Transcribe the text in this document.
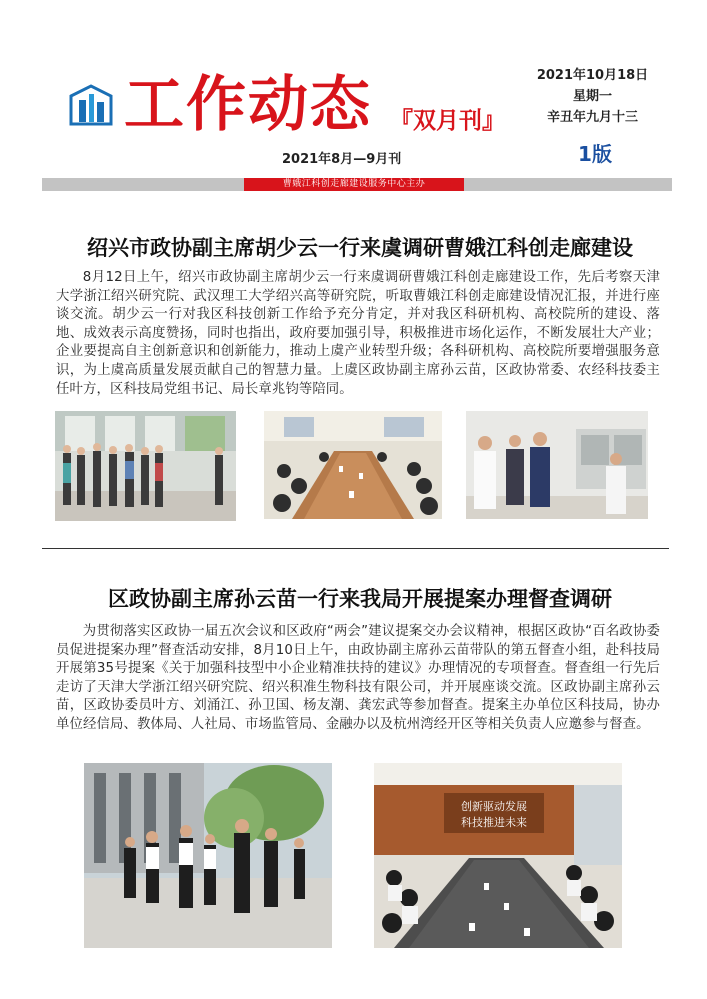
工作动态 『双月刊』
2021年8月—9月刊
2021年10月18日
星期一
辛丑年九月十三
1版
曹娥江科创走廊建设服务中心主办
绍兴市政协副主席胡少云一行来虞调研曹娥江科创走廊建设
8月12日上午，绍兴市政协副主席胡少云一行来虞调研曹娥江科创走廊建设工作，先后考察天津大学浙江绍兴研究院、武汉理工大学绍兴高等研究院，听取曹娥江科创走廊建设情况汇报，并进行座谈交流。胡少云一行对我区科技创新工作给予充分肯定，并对我区科研机构、高校院所的建设、落地、成效表示高度赞扬，同时也指出，政府要加强引导，积极推进市场化运作，不断发展壮大产业；企业要提高自主创新意识和创新能力，推动上虞产业转型升级；各科研机构、高校院所要增强服务意识，为上虞高质量发展贡献自己的智慧力量。上虞区政协副主席孙云苗，区政协常委、农经科技委主任叶方，区科技局党组书记、局长章兆钧等陪同。
区政协副主席孙云苗一行来我局开展提案办理督查调研
为贯彻落实区政协一届五次会议和区政府“两会”建议提案交办会议精神，根据区政协“百名政协委员促进提案办理”督查活动安排，8月10日上午，由政协副主席孙云苗带队的第五督查小组，赴科技局开展第35号提案《关于加强科技型中小企业精准扶持的建议》办理情况的专项督查。督查组一行先后走访了天津大学浙江绍兴研究院、绍兴积准生物科技有限公司，并开展座谈交流。区政协副主席孙云苗，区政协委员叶方、刘涌江、孙卫国、杨友潮、龚宏武等参加督查。提案主办单位区科技局，协办单位经信局、教体局、人社局、市场监管局、金融办以及杭州湾经开区等相关负责人应邀参与督查。
创新驱动发展
科技推进未来
